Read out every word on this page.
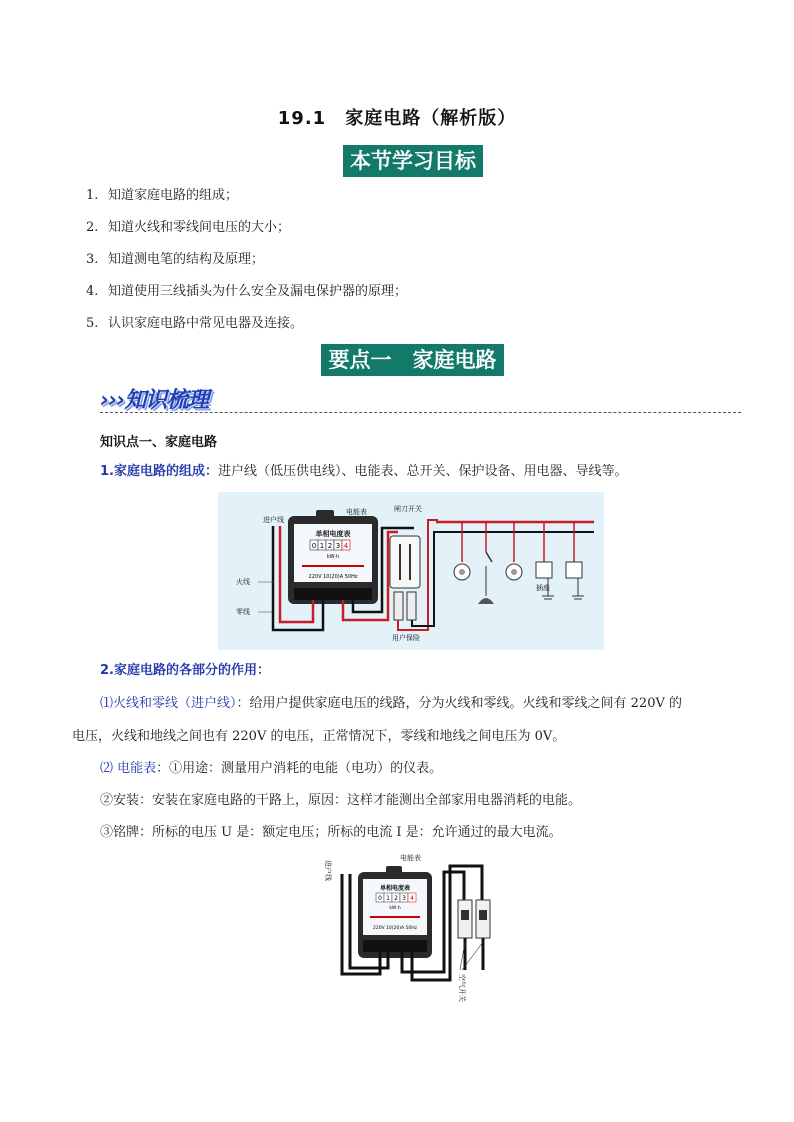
19.1　家庭电路（解析版）
本节学习目标
1. 知道家庭电路的组成；
2. 知道火线和零线间电压的大小；
3. 知道测电笔的结构及原理；
4. 知道使用三线插头为什么安全及漏电保护器的原理；
5. 认识家庭电路中常见电器及连接。
要点一　家庭电路
›››知识梳理
知识点一、家庭电路
1.家庭电路的组成：进户线（低压供电线）、电能表、总开关、保护设备、用电器、导线等。
单相电度表
0 1 2 3 4
kW·h
220V 10(20)A 50Hz
电能表
进户线
火线
零线
闸刀开关
用户保险
插座
2.家庭电路的各部分的作用：
⑴火线和零线（进户线）：给用户提供家庭电压的线路，分为火线和零线。火线和零线之间有 220V 的
电压，火线和地线之间也有 220V 的电压，正常情况下，零线和地线之间电压为 0V。
⑵ 电能表：①用途：测量用户消耗的电能（电功）的仪表。
②安装：安装在家庭电路的干路上，原因：这样才能测出全部家用电器消耗的电能。
③铭牌：所标的电压 U 是：额定电压；所标的电流 I 是：允许通过的最大电流。
进户线
电能表
单相电度表
0 1 2 3 4
kW·h
220V 10(20)A 50Hz
空气开关
